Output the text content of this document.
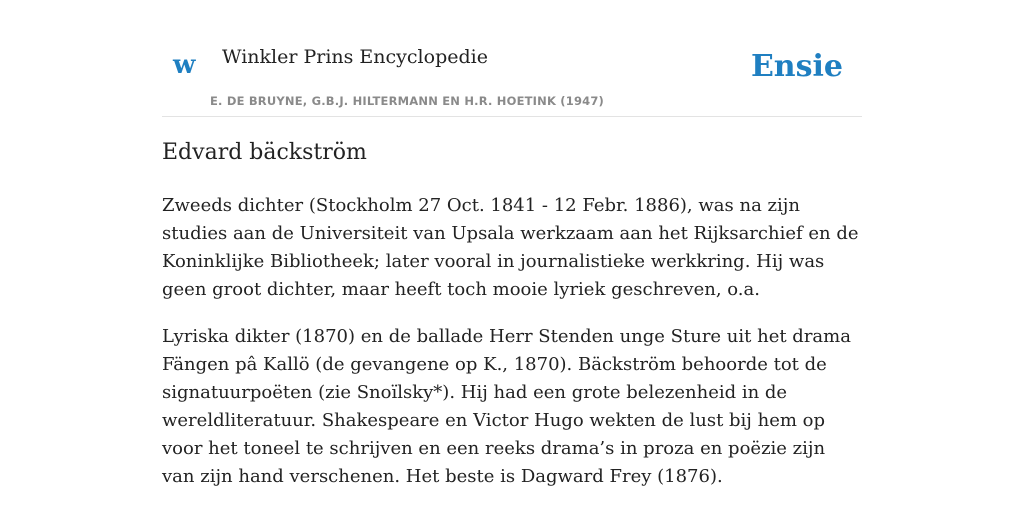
w Winkler Prins Encyclopedie
E. DE BRUYNE, G.B.J. HILTERMANN EN H.R. HOETINK (1947)
Ensie
Edvard bäckström

Zweeds dichter (Stockholm 27 Oct. 1841 - 12 Febr. 1886), was na zijn studies aan de Universiteit van Upsala werkzaam aan het Rijksarchief en de Koninklijke Bibliotheek; later vooral in journalistieke werkkring. Hij was geen groot dichter, maar heeft toch mooie lyriek geschreven, o.a.

Lyriska dikter (1870) en de ballade Herr Stenden unge Sture uit het drama Fängen pâ Kallö (de gevangene op K., 1870). Bäckström behoorde tot de signatuurpoëten (zie Snoïlsky*). Hij had een grote belezenheid in de wereldliteratuur. Shakespeare en Victor Hugo wekten de lust bij hem op voor het toneel te schrijven en een reeks drama’s in proza en poëzie zijn van zijn hand verschenen. Het beste is Dagward Frey (1876).
